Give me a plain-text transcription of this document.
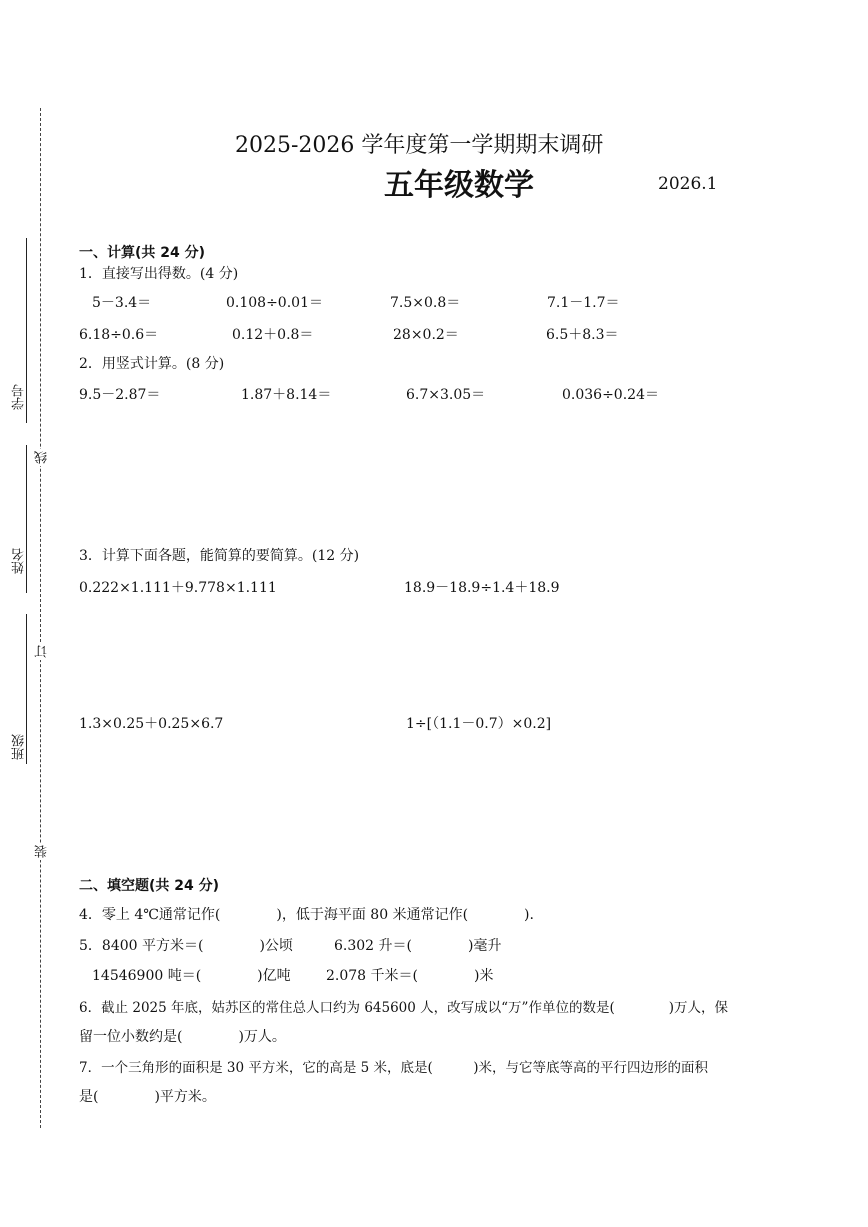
学号
姓名
班级
线
订
装
2025-2026 学年度第一学期期末调研
五年级数学	2026.1
一、计算(共 24 分)
1．直接写出得数。(4 分)
5－3.4＝	0.108÷0.01＝	7.5×0.8＝	7.1－1.7＝
6.18÷0.6＝	0.12＋0.8＝	28×0.2＝	6.5＋8.3＝
2．用竖式计算。(8 分)
9.5－2.87＝	1.87＋8.14＝	6.7×3.05＝	0.036÷0.24＝
3．计算下面各题，能简算的要简算。(12 分)
0.222×1.111＋9.778×1.111	18.9－18.9÷1.4＋18.9
1.3×0.25＋0.25×6.7	1÷[（1.1－0.7）×0.2]
二、填空题(共 24 分)
4．零上 4℃通常记作(　　　　)，低于海平面 80 米通常记作(　　　　).
5．8400 平方米＝(　　　　)公顷	6.302 升＝(　　　　)毫升
14546900 吨＝(　　　　)亿吨	2.078 千米＝(　　　　)米
6．截止 2025 年底，姑苏区的常住总人口约为 645600 人，改写成以“万”作单位的数是(　　　　)万人，保
留一位小数约是(　　　　)万人。
7．一个三角形的面积是 30 平方米，它的高是 5 米，底是(　　　)米，与它等底等高的平行四边形的面积
是(　　　　)平方米。
